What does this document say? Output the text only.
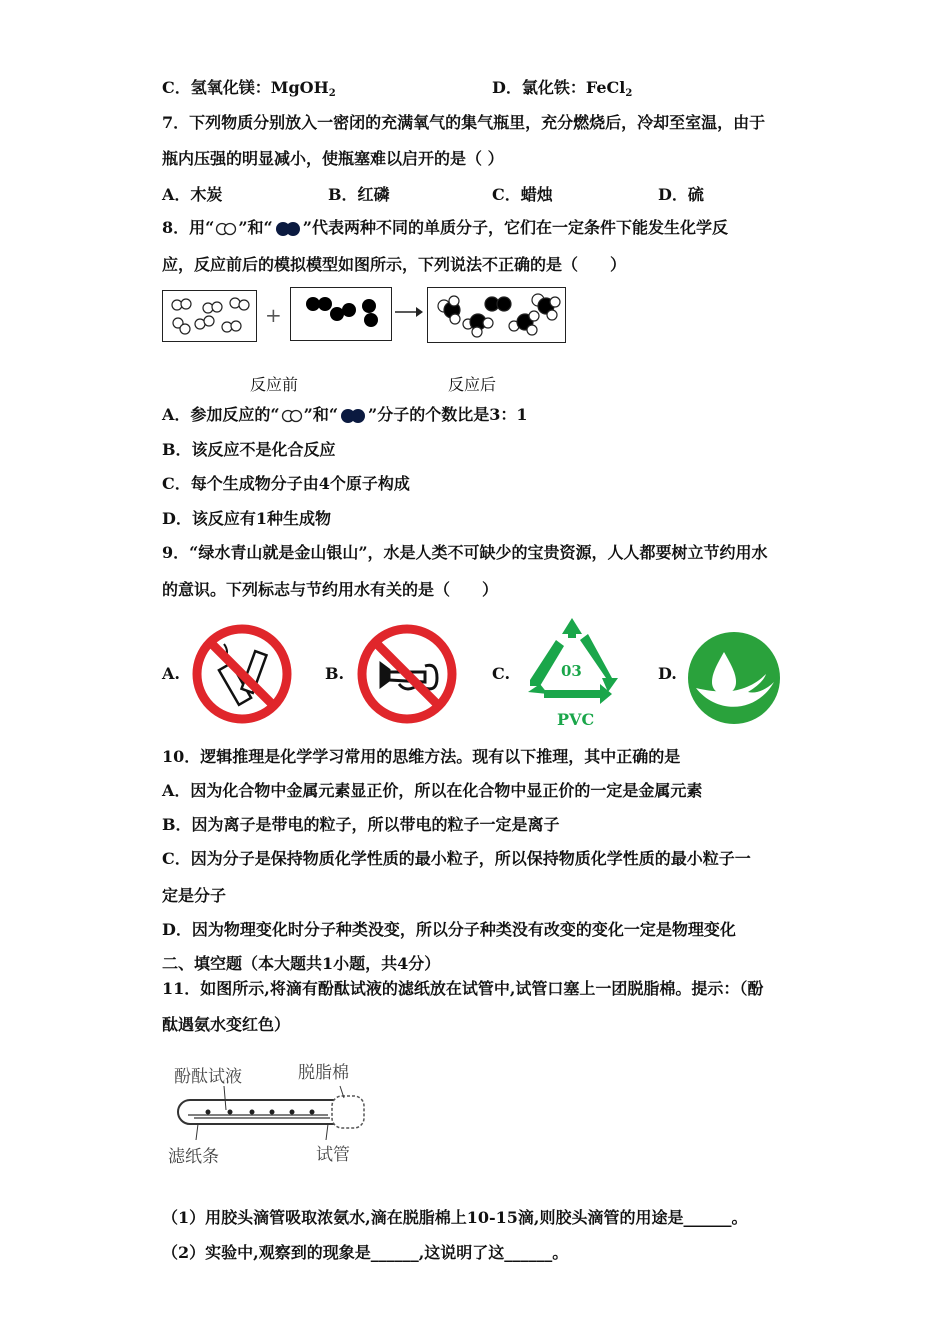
C．氢氧化镁：MgOH$_2$	D．氯化铁：FeCl$_2$
7．下列物质分别放入一密闭的充满氧气的集气瓶里，充分燃烧后，冷却至室温，由于
瓶内压强的明显减小，使瓶塞难以启开的是（ ）
A．木炭	B．红磷	C．蜡烛	D．硫
8．用“ ”和“ ”代表两种不同的单质分子，它们在一定条件下能发生化学反
应，反应前后的模拟模型如图所示，下列说法不正确的是（　　）
+
反应前	反应后
A．参加反应的“ ”和“ ”分子的个数比是3：1
B．该反应不是化合反应
C．每个生成物分子由4个原子构成
D．该反应有1种生成物
9．“绿水青山就是金山银山”，水是人类不可缺少的宝贵资源，人人都要树立节约用水
的意识。下列标志与节约用水有关的是（　　）
A.	B.	C.	03
PVC
D.
10．逻辑推理是化学学习常用的思维方法。现有以下推理，其中正确的是
A．因为化合物中金属元素显正价，所以在化合物中显正价的一定是金属元素
B．因为离子是带电的粒子，所以带电的粒子一定是离子
C．因为分子是保持物质化学性质的最小粒子，所以保持物质化学性质的最小粒子一
定是分子
D．因为物理变化时分子种类没变，所以分子种类没有改变的变化一定是物理变化
二、填空题（本大题共1小题，共4分）
11．如图所示,将滴有酚酞试液的滤纸放在试管中,试管口塞上一团脱脂棉。提示：（酚
酞遇氨水变红色）
酚酞试液	脱脂棉
滤纸条	试管
（1）用胶头滴管吸取浓氨水,滴在脱脂棉上10-15滴,则胶头滴管的用途是______。
（2）实验中,观察到的现象是______,这说明了这______。
